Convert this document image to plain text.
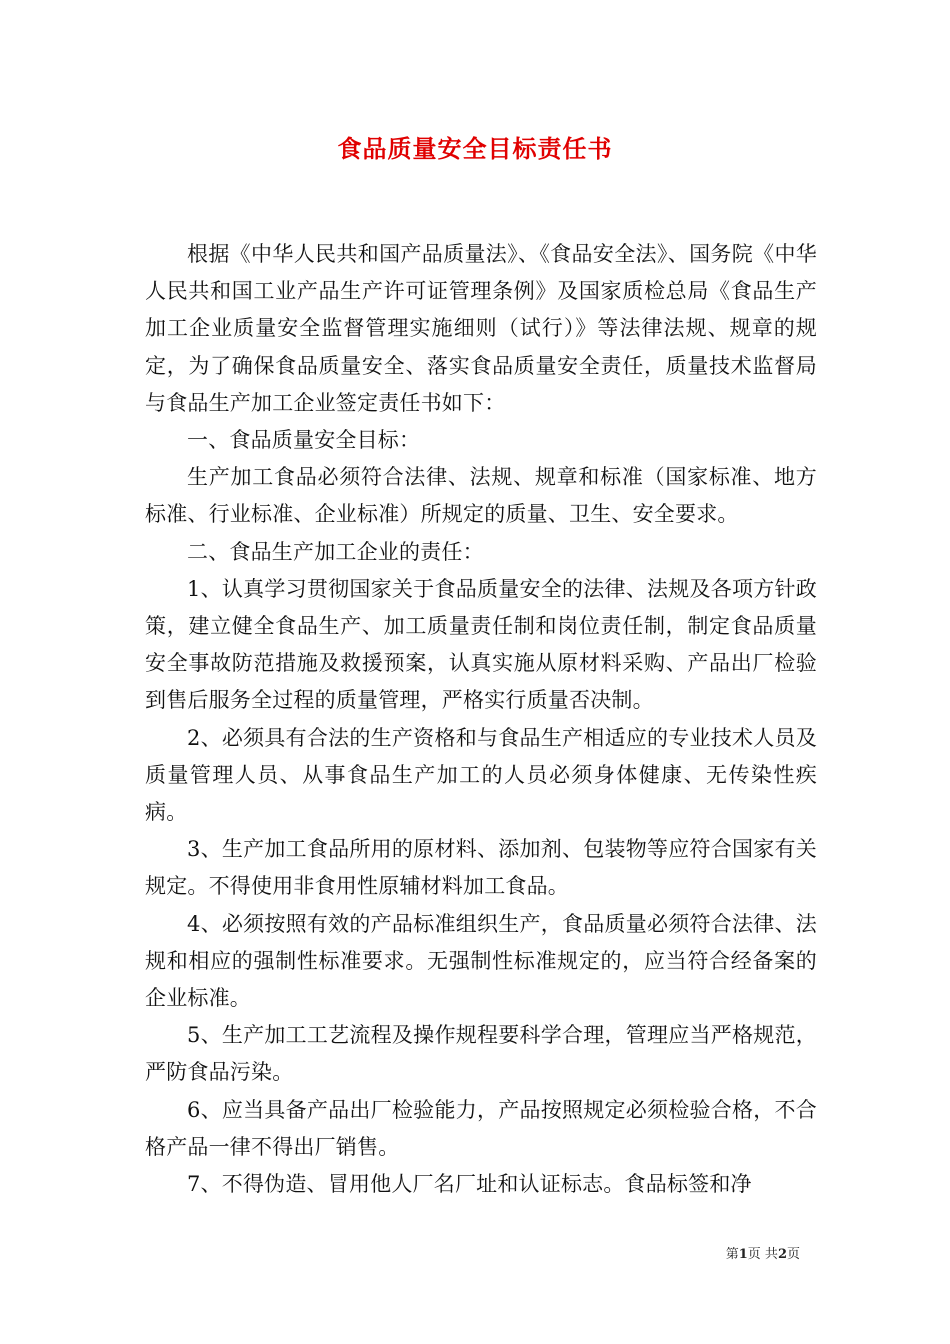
食品质量安全目标责任书

根据《中华人民共和国产品质量法》、《食品安全法》、国务院《中华人民共和国工业产品生产许可证管理条例》及国家质检总局《食品生产加工企业质量安全监督管理实施细则（试行）》等法律法规、规章的规定，为了确保食品质量安全、落实食品质量安全责任，质量技术监督局与食品生产加工企业签定责任书如下：

一、食品质量安全目标：

生产加工食品必须符合法律、法规、规章和标准（国家标准、地方标准、行业标准、企业标准）所规定的质量、卫生、安全要求。

二、食品生产加工企业的责任：

1、认真学习贯彻国家关于食品质量安全的法律、法规及各项方针政策，建立健全食品生产、加工质量责任制和岗位责任制，制定食品质量安全事故防范措施及救援预案，认真实施从原材料采购、产品出厂检验到售后服务全过程的质量管理，严格实行质量否决制。

2、必须具有合法的生产资格和与食品生产相适应的专业技术人员及质量管理人员、从事食品生产加工的人员必须身体健康、无传染性疾病。

3、生产加工食品所用的原材料、添加剂、包装物等应符合国家有关规定。不得使用非食用性原辅材料加工食品。

4、必须按照有效的产品标准组织生产，食品质量必须符合法律、法规和相应的强制性标准要求。无强制性标准规定的，应当符合经备案的企业标准。

5、生产加工工艺流程及操作规程要科学合理，管理应当严格规范，严防食品污染。

6、应当具备产品出厂检验能力，产品按照规定必须检验合格，不合格产品一律不得出厂销售。

7、不得伪造、冒用他人厂名厂址和认证标志。食品标签和净

第1页 共2页
